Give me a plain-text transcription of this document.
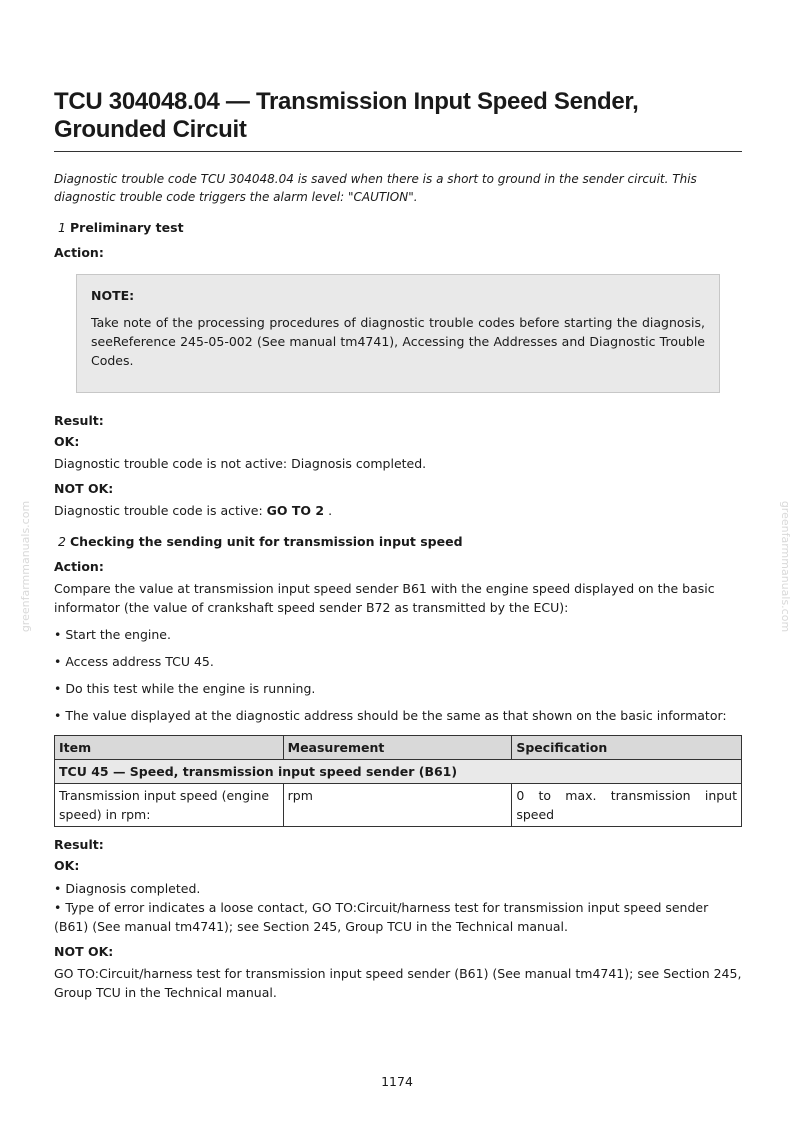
greenfarmmanuals.com	greenfarmmanuals.com
TCU 304048.04 — Transmission Input Speed Sender,
Grounded Circuit
Diagnostic trouble code TCU 304048.04 is saved when there is a short to ground in the sender circuit. This diagnostic trouble code triggers the alarm level: "CAUTION".
1 Preliminary test
Action:
NOTE:
Take note of the processing procedures of diagnostic trouble codes before starting the diagnosis, seeReference 245-05-002 (See manual tm4741), Accessing the Addresses and Diagnostic Trouble Codes.
Result:
OK:
Diagnostic trouble code is not active: Diagnosis completed.
NOT OK:
Diagnostic trouble code is active: GO TO 2 .
2 Checking the sending unit for transmission input speed
Action:
Compare the value at transmission input speed sender B61 with the engine speed displayed on the basic informator (the value of crankshaft speed sender B72 as transmitted by the ECU):
• Start the engine.
• Access address TCU 45.
• Do this test while the engine is running.
• The value displayed at the diagnostic address should be the same as that shown on the basic informator:
Item	Measurement	Specification
TCU 45 — Speed, transmission input speed sender (B61)		
Transmission input speed (engine speed) in rpm:	rpm	0 to max. transmission input speed
Result:
OK:
• Diagnosis completed.
• Type of error indicates a loose contact, GO TO:Circuit/harness test for transmission input speed sender (B61) (See manual tm4741); see Section 245, Group TCU in the Technical manual.
NOT OK:
GO TO:Circuit/harness test for transmission input speed sender (B61) (See manual tm4741); see Section 245, Group TCU in the Technical manual.
1174
